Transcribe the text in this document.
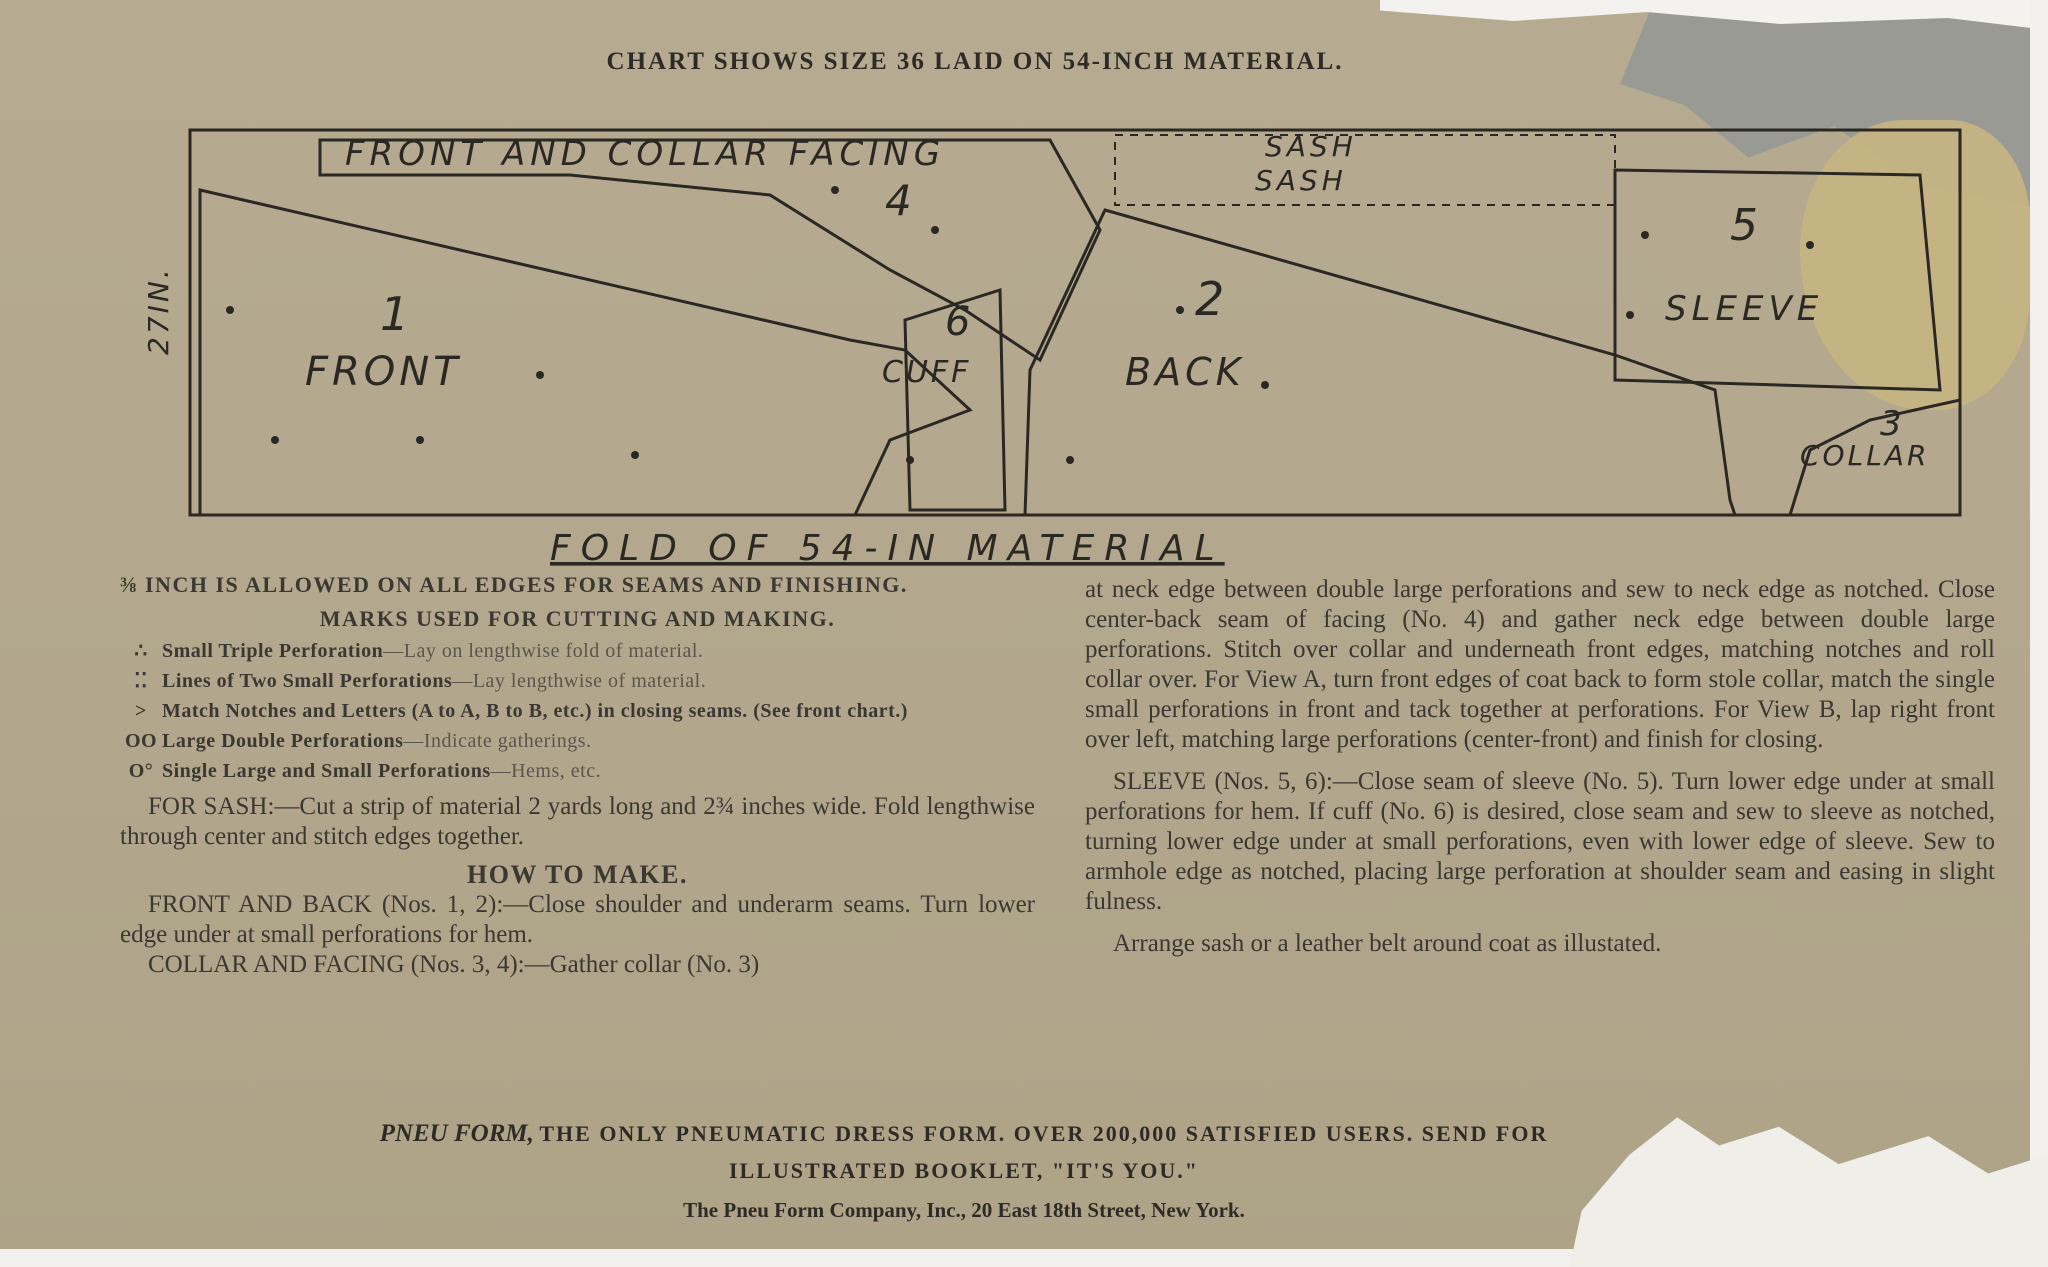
CHART SHOWS SIZE 36 LAID ON 54-INCH MATERIAL.
FRONT AND COLLAR FACING	SASH
SASH
4
1
FRONT
6
CUFF
2
BACK
5
SLEEVE
3
COLLAR
27IN.
FOLD OF 54-IN MATERIAL

⅜ INCH IS ALLOWED ON ALL EDGES FOR SEAMS AND FINISHING.

MARKS USED FOR CUTTING AND MAKING.

∴ Small Triple Perforation—Lay on lengthwise fold of material.
⁚⁚ Lines of Two Small Perforations—Lay lengthwise of material.
> Match Notches and Letters (A to A, B to B, etc.) in closing seams. (See front chart.)
OO Large Double Perforations—Indicate gatherings.
O° Single Large and Small Perforations—Hems, etc.

FOR SASH:—Cut a strip of material 2 yards long and 2¾ inches wide. Fold lengthwise through center and stitch edges together.

HOW TO MAKE.

FRONT AND BACK (Nos. 1, 2):—Close shoulder and underarm seams. Turn lower edge under at small perforations for hem.

COLLAR AND FACING (Nos. 3, 4):—Gather collar (No. 3)

at neck edge between double large perforations and sew to neck edge as notched. Close center-back seam of facing (No. 4) and gather neck edge between double large perforations. Stitch over collar and underneath front edges, matching notches and roll collar over. For View A, turn front edges of coat back to form stole collar, match the single small perforations in front and tack together at perforations. For View B, lap right front over left, matching large perforations (center-front) and finish for closing.

SLEEVE (Nos. 5, 6):—Close seam of sleeve (No. 5). Turn lower edge under at small perforations for hem. If cuff (No. 6) is desired, close seam and sew to sleeve as notched, turning lower edge under at small perforations, even with lower edge of sleeve. Sew to armhole edge as notched, placing large perforation at shoulder seam and easing in slight fulness.

Arrange sash or a leather belt around coat as illustated.

PNEU FORM, THE ONLY PNEUMATIC DRESS FORM. OVER 200,000 SATISFIED USERS. SEND FOR
ILLUSTRATED BOOKLET, "IT'S YOU."
The Pneu Form Company, Inc., 20 East 18th Street, New York.
